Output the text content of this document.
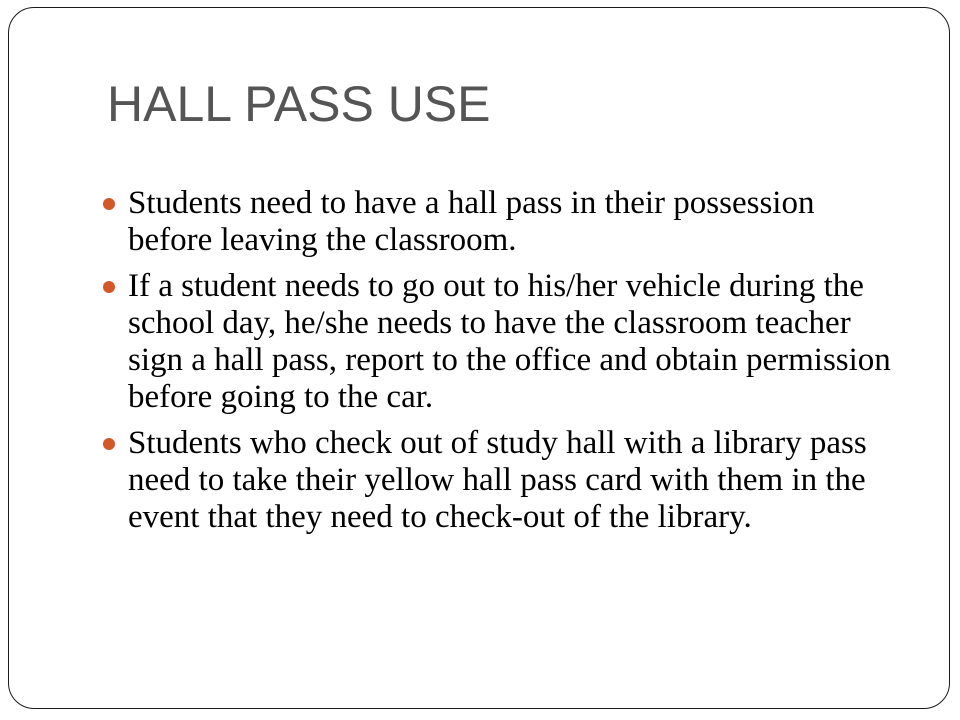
HALL PASS USE
Students need to have a hall pass in their possession before leaving the classroom.
If a student needs to go out to his/her vehicle during the school day, he/she needs to have the classroom teacher sign a hall pass, report to the office and obtain permission before going to the car.
Students who check out of study hall with a library pass need to take their yellow hall pass card with them in the event that they need to check-out of the library.
